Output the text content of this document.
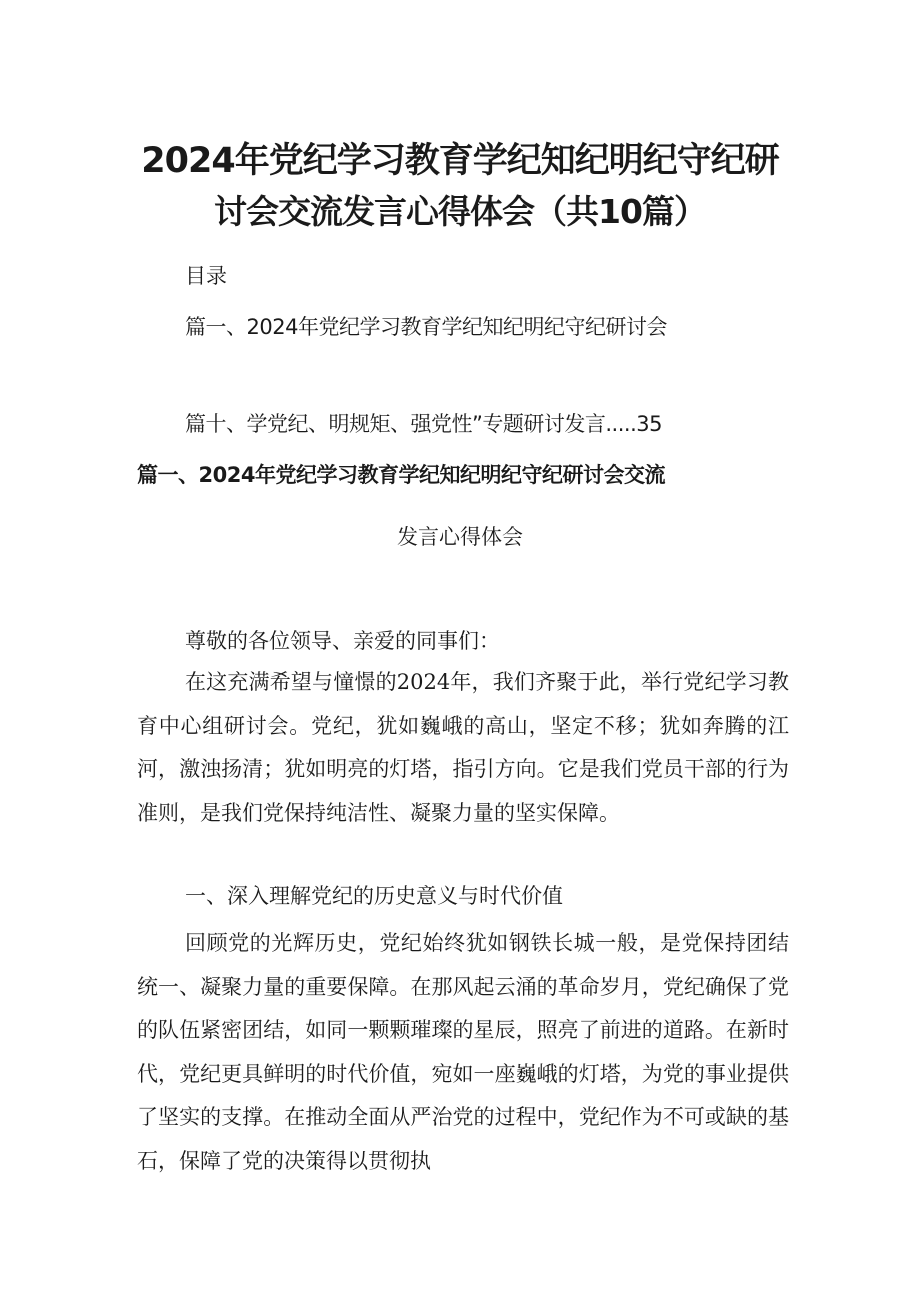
2024年党纪学习教育学纪知纪明纪守纪研
讨会交流发言心得体会（共10篇）
目录
篇一、2024年党纪学习教育学纪知纪明纪守纪研讨会
篇十、学党纪、明规矩、强党性”专题研讨发言.....35
篇一、2024年党纪学习教育学纪知纪明纪守纪研讨会交流
发言心得体会

尊敬的各位领导、亲爱的同事们：

在这充满希望与憧憬的2024年，我们齐聚于此，举行党纪学习教育中心组研讨会。党纪，犹如巍峨的高山，坚定不移；犹如奔腾的江河，激浊扬清；犹如明亮的灯塔，指引方向。它是我们党员干部的行为准则，是我们党保持纯洁性、凝聚力量的坚实保障。

一、深入理解党纪的历史意义与时代价值

回顾党的光辉历史，党纪始终犹如钢铁长城一般，是党保持团结统一、凝聚力量的重要保障。在那风起云涌的革命岁月，党纪确保了党的队伍紧密团结，如同一颗颗璀璨的星辰，照亮了前进的道路。在新时代，党纪更具鲜明的时代价值，宛如一座巍峨的灯塔，为党的事业提供了坚实的支撑。在推动全面从严治党的过程中，党纪作为不可或缺的基石，保障了党的决策得以贯彻执
